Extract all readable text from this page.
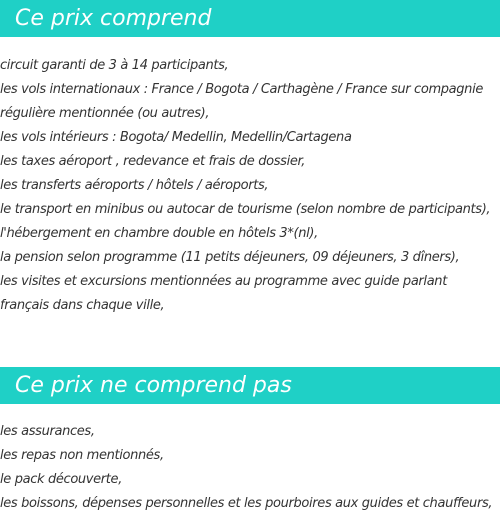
Ce prix comprend
circuit garanti de 3 à 14 participants,
les vols internationaux : France / Bogota / Carthagène / France sur compagnie
régulière mentionnée (ou autres),
les vols intérieurs : Bogota/ Medellin, Medellin/Cartagena
les taxes aéroport , redevance et frais de dossier,
les transferts aéroports / hôtels / aéroports,
le transport en minibus ou autocar de tourisme (selon nombre de participants),
l'hébergement en chambre double en hôtels 3*(nl),
la pension selon programme (11 petits déjeuners, 09 déjeuners, 3 dîners),
les visites et excursions mentionnées au programme avec guide parlant
français dans chaque ville,
Ce prix ne comprend pas
les assurances,
les repas non mentionnés,
le pack découverte,
les boissons, dépenses personnelles et les pourboires aux guides et chauffeurs,
